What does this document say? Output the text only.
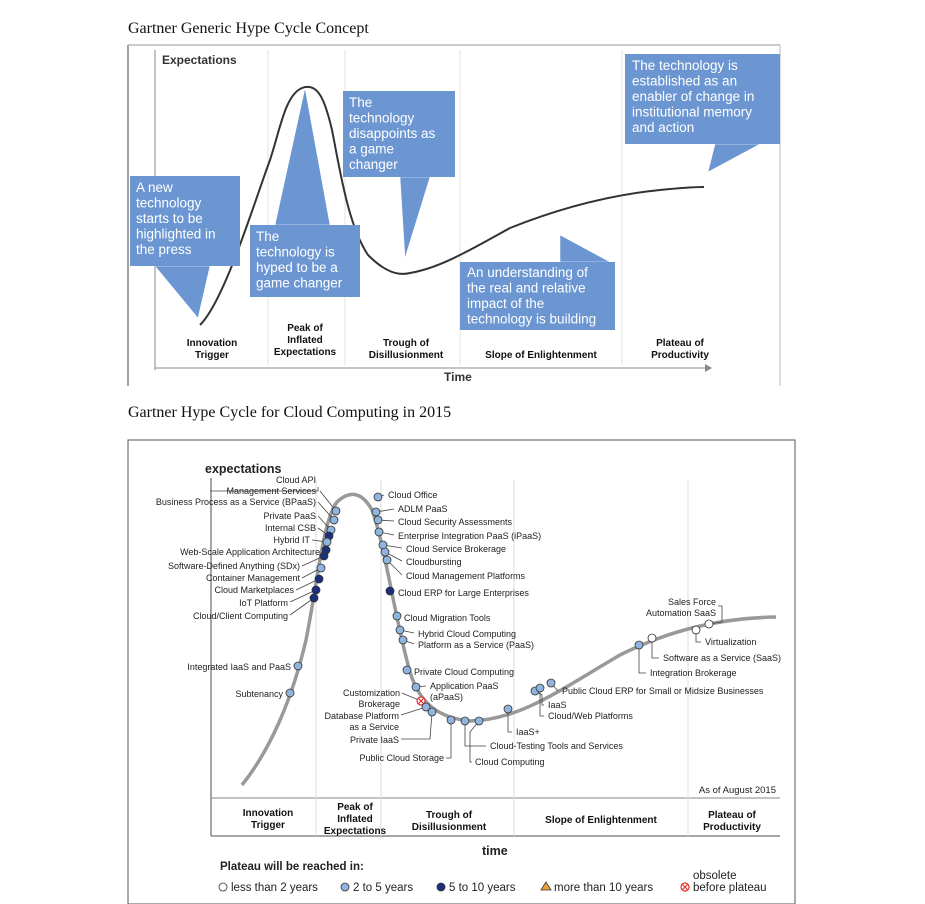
Gartner Generic Hype Cycle Concept
Gartner Hype Cycle for Cloud Computing in 2015
Expectations
Time
Innovation
Trigger
Peak of
Inflated
Expectations
Trough of
Disillusionment	Slope of Enlightenment
Plateau of
Productivity
A new
technology
starts to be
highlighted in
the press
The
technology is
hyped to be a
game changer
The
technology
disappoints as
a game
changer
An understanding of
the real and relative
impact of the
technology is building
The technology is
established as an
enabler of change in
institutional memory
and action
expectations
time
As of August 2015
Innovation
Trigger
Peak of
Inflated
Expectations
Trough of
Disillusionment
Slope of Enlightenment	Plateau of
Productivity
Cloud API
Management Services
Business Process as a Service (BPaaS)
Private PaaS
Internal CSB
Hybrid IT
Web-Scale Application Architecture
Software-Defined Anything (SDx)
Container Management
Cloud Marketplaces
IoT Platform
Cloud/Client Computing
Integrated IaaS and PaaS
Subtenancy
Cloud Office
ADLM PaaS
Cloud Security Assessments
Enterprise Integration PaaS (iPaaS)
Cloud Service Brokerage
Cloudbursting
Cloud Management Platforms
Cloud ERP for Large Enterprises
Cloud Migration Tools
Hybrid Cloud Computing
Platform as a Service (PaaS)
Private Cloud Computing
Application PaaS
(aPaaS)
Customization
Brokerage
Database Platform
as a Service
Private IaaS
Public Cloud Storage
IaaS+
Cloud-Testing Tools and Services
Cloud Computing
IaaS
Cloud/Web Platforms
Public Cloud ERP for Small or Midsize Businesses
Integration Brokerage
Software as a Service (SaaS)
Virtualization
Sales Force
Automation SaaS
Plateau will be reached in:
less than 2 years	2 to 5 years	5 to 10 years	more than 10 years	before plateau
obsolete
